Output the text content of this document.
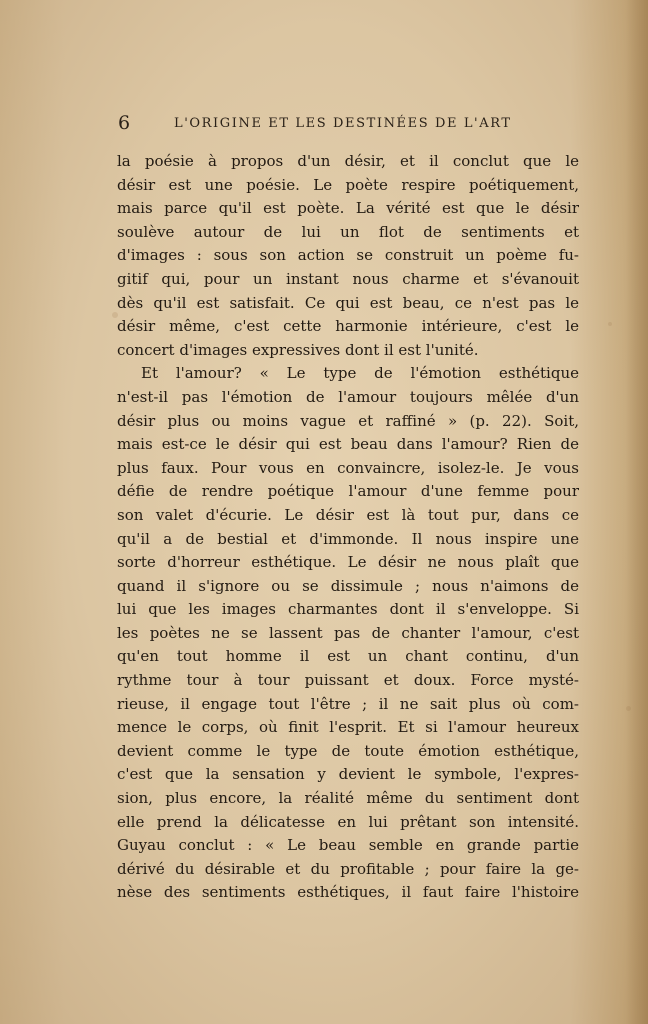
6	L'ORIGINE ET LES DESTINÉES DE L'ART
la poésie à propos d'un désir, et il conclut que le
désir est une poésie. Le poète respire poétiquement,
mais parce qu'il est poète. La vérité est que le désir
soulève autour de lui un flot de sentiments et
d'images : sous son action se construit un poème fu-
gitif qui, pour un instant nous charme et s'évanouit
dès qu'il est satisfait. Ce qui est beau, ce n'est pas le
désir même, c'est cette harmonie intérieure, c'est le
concert d'images expressives dont il est l'unité.
Et l'amour? « Le type de l'émotion esthétique
n'est-il pas l'émotion de l'amour toujours mêlée d'un
désir plus ou moins vague et raffiné » (p. 22). Soit,
mais est-ce le désir qui est beau dans l'amour? Rien de
plus faux. Pour vous en convaincre, isolez-le. Je vous
défie de rendre poétique l'amour d'une femme pour
son valet d'écurie. Le désir est là tout pur, dans ce
qu'il a de bestial et d'immonde. Il nous inspire une
sorte d'horreur esthétique. Le désir ne nous plaît que
quand il s'ignore ou se dissimule ; nous n'aimons de
lui que les images charmantes dont il s'enveloppe. Si
les poètes ne se lassent pas de chanter l'amour, c'est
qu'en tout homme il est un chant continu, d'un
rythme tour à tour puissant et doux. Force mysté-
rieuse, il engage tout l'être ; il ne sait plus où com-
mence le corps, où finit l'esprit. Et si l'amour heureux
devient comme le type de toute émotion esthétique,
c'est que la sensation y devient le symbole, l'expres-
sion, plus encore, la réalité même du sentiment dont
elle prend la délicatesse en lui prêtant son intensité.
Guyau conclut : « Le beau semble en grande partie
dérivé du désirable et du profitable ; pour faire la ge-
nèse des sentiments esthétiques, il faut faire l'histoire
